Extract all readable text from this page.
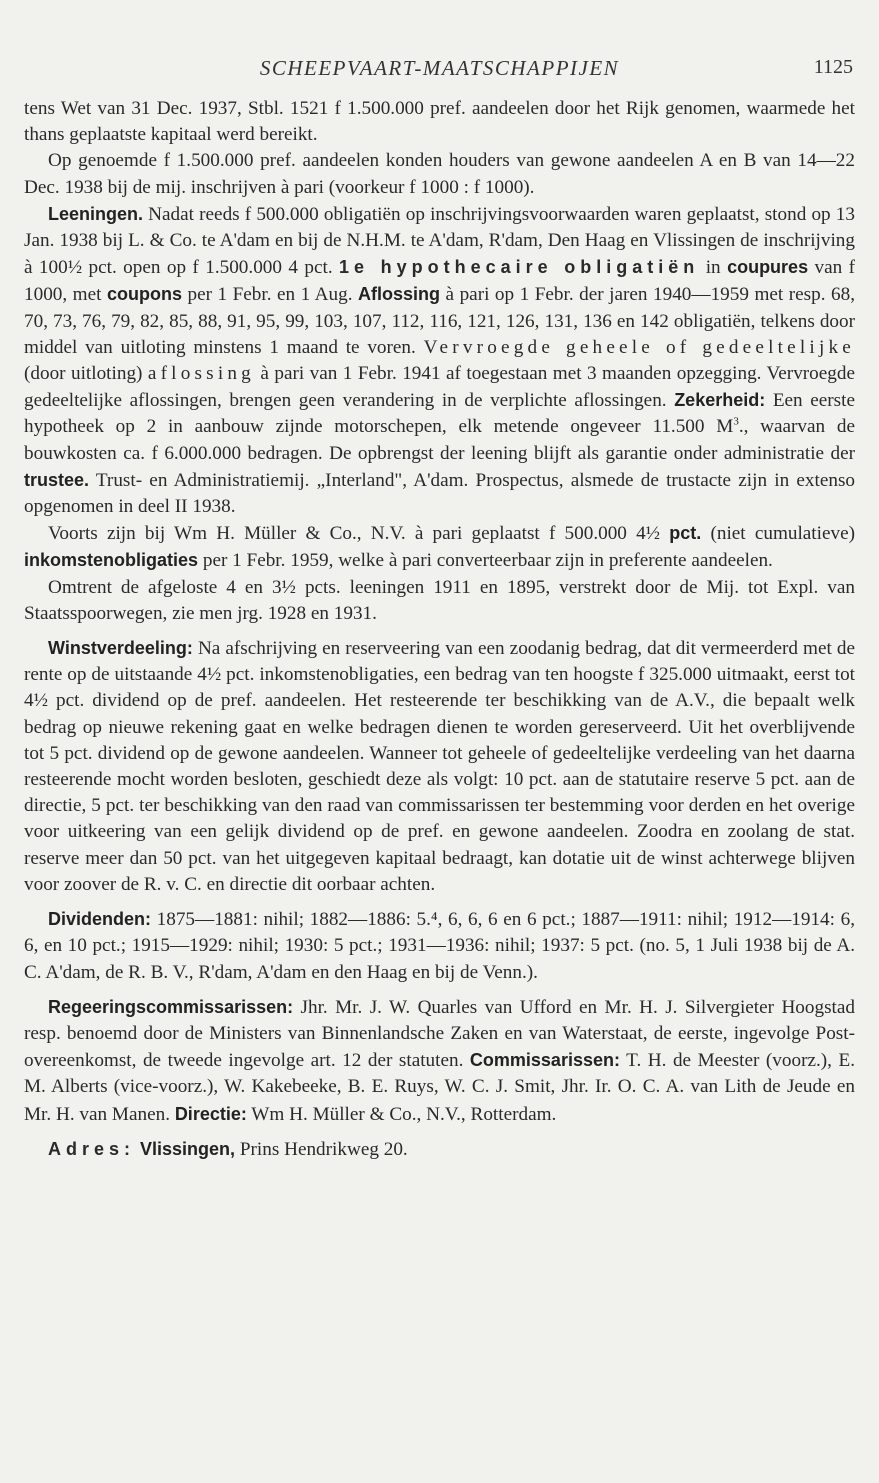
SCHEEPVAART-MAATSCHAPPIJEN	1125

tens Wet van 31 Dec. 1937, Stbl. 1521 f 1.500.000 pref. aandeelen door het Rijk genomen, waarmede het thans geplaatste kapitaal werd bereikt.

Op genoemde f 1.500.000 pref. aandeelen konden houders van gewone aandeelen A en B van 14—22 Dec. 1938 bij de mij. inschrijven à pari (voorkeur f 1000 : f 1000).

Leeningen. Nadat reeds f 500.000 obligatiën op inschrijvingsvoorwaarden waren geplaatst, stond op 13 Jan. 1938 bij L. & Co. te A'dam en bij de N.H.M. te A'dam, R'dam, Den Haag en Vlissingen de inschrijving à 100½ pct. open op f 1.500.000 4 pct. 1e hypothecaire obligatiën in coupures van f 1000, met coupons per 1 Febr. en 1 Aug. Aflossing à pari op 1 Febr. der jaren 1940—1959 met resp. 68, 70, 73, 76, 79, 82, 85, 88, 91, 95, 99, 103, 107, 112, 116, 121, 126, 131, 136 en 142 obligatiën, telkens door middel van uitloting minstens 1 maand te voren. Vervroegde geheele of gedeeltelijke (door uitloting) aflossing à pari van 1 Febr. 1941 af toegestaan met 3 maanden opzegging. Vervroegde gedeeltelijke aflossingen, brengen geen verandering in de verplichte aflossingen. Zekerheid: Een eerste hypotheek op 2 in aanbouw zijnde motorschepen, elk metende ongeveer 11.500 $M^3$., waarvan de bouwkosten ca. f 6.000.000 bedragen. De opbrengst der leening blijft als garantie onder administratie der trustee. Trust- en Administratiemij. „Interland", A'dam. Prospectus, alsmede de trustacte zijn in extenso opgenomen in deel II 1938.

Voorts zijn bij Wm H. Müller & Co., N.V. à pari geplaatst f 500.000 4½ pct. (niet cumulatieve) inkomstenobligaties per 1 Febr. 1959, welke à pari converteerbaar zijn in preferente aandeelen.

Omtrent de afgeloste 4 en 3½ pcts. leeningen 1911 en 1895, verstrekt door de Mij. tot Expl. van Staatsspoorwegen, zie men jrg. 1928 en 1931.

Winstverdeeling: Na afschrijving en reserveering van een zoodanig bedrag, dat dit vermeerderd met de rente op de uitstaande 4½ pct. inkomstenobligaties, een bedrag van ten hoogste f 325.000 uitmaakt, eerst tot 4½ pct. dividend op de pref. aandeelen. Het resteerende ter beschikking van de A.V., die bepaalt welk bedrag op nieuwe rekening gaat en welke bedragen dienen te worden gereserveerd. Uit het overblijvende tot 5 pct. dividend op de gewone aandeelen. Wanneer tot geheele of gedeeltelijke verdeeling van het daarna resteerende mocht worden besloten, geschiedt deze als volgt: 10 pct. aan de statutaire reserve 5 pct. aan de directie, 5 pct. ter beschikking van den raad van commissarissen ter bestemming voor derden en het overige voor uitkeering van een gelijk dividend op de pref. en gewone aandeelen. Zoodra en zoolang de stat. reserve meer dan 50 pct. van het uitgegeven kapitaal bedraagt, kan dotatie uit de winst achterwege blijven voor zoover de R. v. C. en directie dit oorbaar achten.

Dividenden: 1875—1881: nihil; 1882—1886: 5.⁴, 6, 6, 6 en 6 pct.; 1887—1911: nihil; 1912—1914: 6, 6, en 10 pct.; 1915—1929: nihil; 1930: 5 pct.; 1931—1936: nihil; 1937: 5 pct. (no. 5, 1 Juli 1938 bij de A. C. A'dam, de R. B. V., R'dam, A'dam en den Haag en bij de Venn.).

Regeeringscommissarissen: Jhr. Mr. J. W. Quarles van Ufford en Mr. H. J. Silvergieter Hoogstad resp. benoemd door de Ministers van Binnenlandsche Zaken en van Waterstaat, de eerste, ingevolge Post-overeenkomst, de tweede ingevolge art. 12 der statuten. Commissarissen: T. H. de Meester (voorz.), E. M. Alberts (vice-voorz.), W. Kakebeeke, B. E. Ruys, W. C. J. Smit, Jhr. Ir. O. C. A. van Lith de Jeude en Mr. H. van Manen. Directie: Wm H. Müller & Co., N.V., Rotterdam.

Adres: Vlissingen, Prins Hendrikweg 20.
